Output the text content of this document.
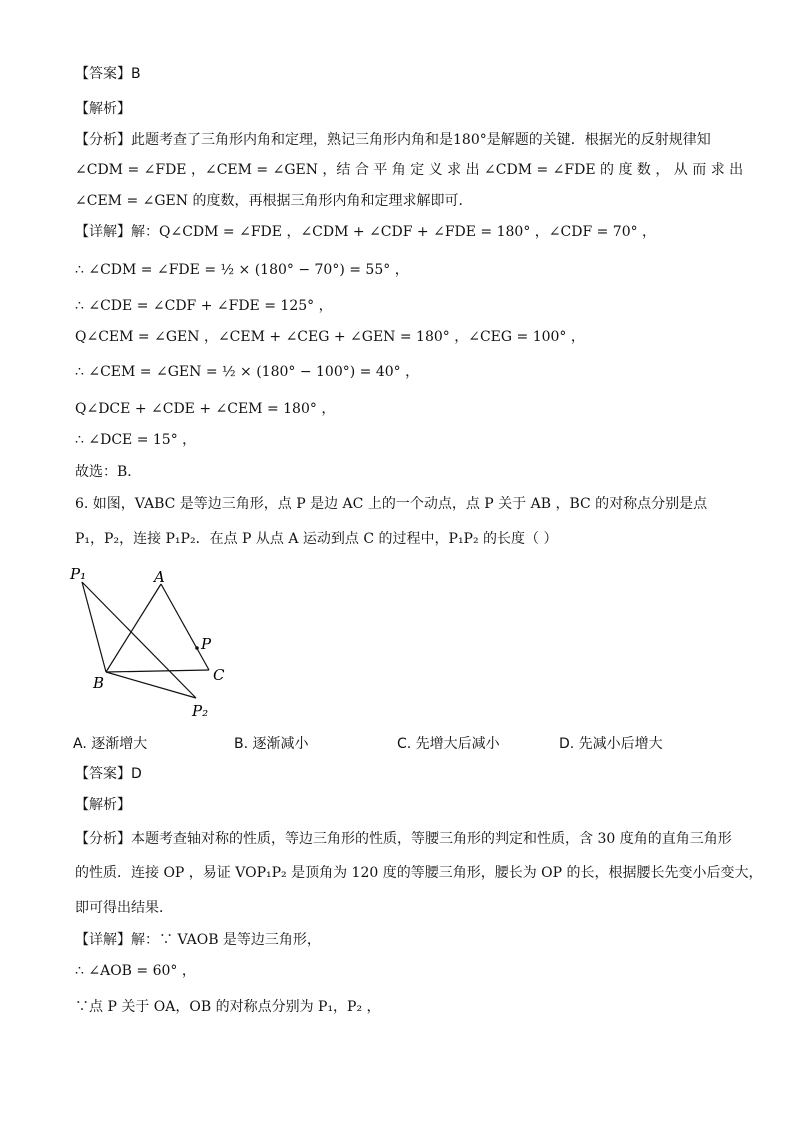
【答案】B
【解析】
【分析】此题考查了三角形内角和定理，熟记三角形内角和是180°是解题的关键．根据光的反射规律知
∠CDM = ∠FDE ，∠CEM = ∠GEN ，结 合 平 角 定 义 求 出 ∠CDM = ∠FDE 的 度 数 ， 从 而 求 出
∠CEM = ∠GEN 的度数，再根据三角形内角和定理求解即可．
【详解】解：Q∠CDM = ∠FDE ，∠CDM + ∠CDF + ∠FDE = 180° ，∠CDF = 70° ，
∴ ∠CDM = ∠FDE = ½ × (180° − 70°) = 55° ，
∴ ∠CDE = ∠CDF + ∠FDE = 125° ，
Q∠CEM = ∠GEN ，∠CEM + ∠CEG + ∠GEN = 180° ，∠CEG = 100° ，
∴ ∠CEM = ∠GEN = ½ × (180° − 100°) = 40° ，
Q∠DCE + ∠CDE + ∠CEM = 180° ，
∴ ∠DCE = 15° ，
故选：B．
6. 如图，VABC 是等边三角形，点 P 是边 AC 上的一个动点，点 P 关于 AB ，BC 的对称点分别是点
P₁，P₂，连接 P₁P₂．在点 P 从点 A 运动到点 C 的过程中，P₁P₂ 的长度（ ）
P₁	A
P
C
B
P₂
A. 逐渐增大	B. 逐渐减小	C. 先增大后减小	D. 先减小后增大
【答案】D
【解析】
【分析】本题考查轴对称的性质，等边三角形的性质，等腰三角形的判定和性质，含 30 度角的直角三角形
的性质．连接 OP ，易证 VOP₁P₂ 是顶角为 120 度的等腰三角形，腰长为 OP 的长，根据腰长先变小后变大，
即可得出结果．
【详解】解：∵ VAOB 是等边三角形，
∴ ∠AOB = 60° ，
∵点 P 关于 OA，OB 的对称点分别为 P₁，P₂ ，
